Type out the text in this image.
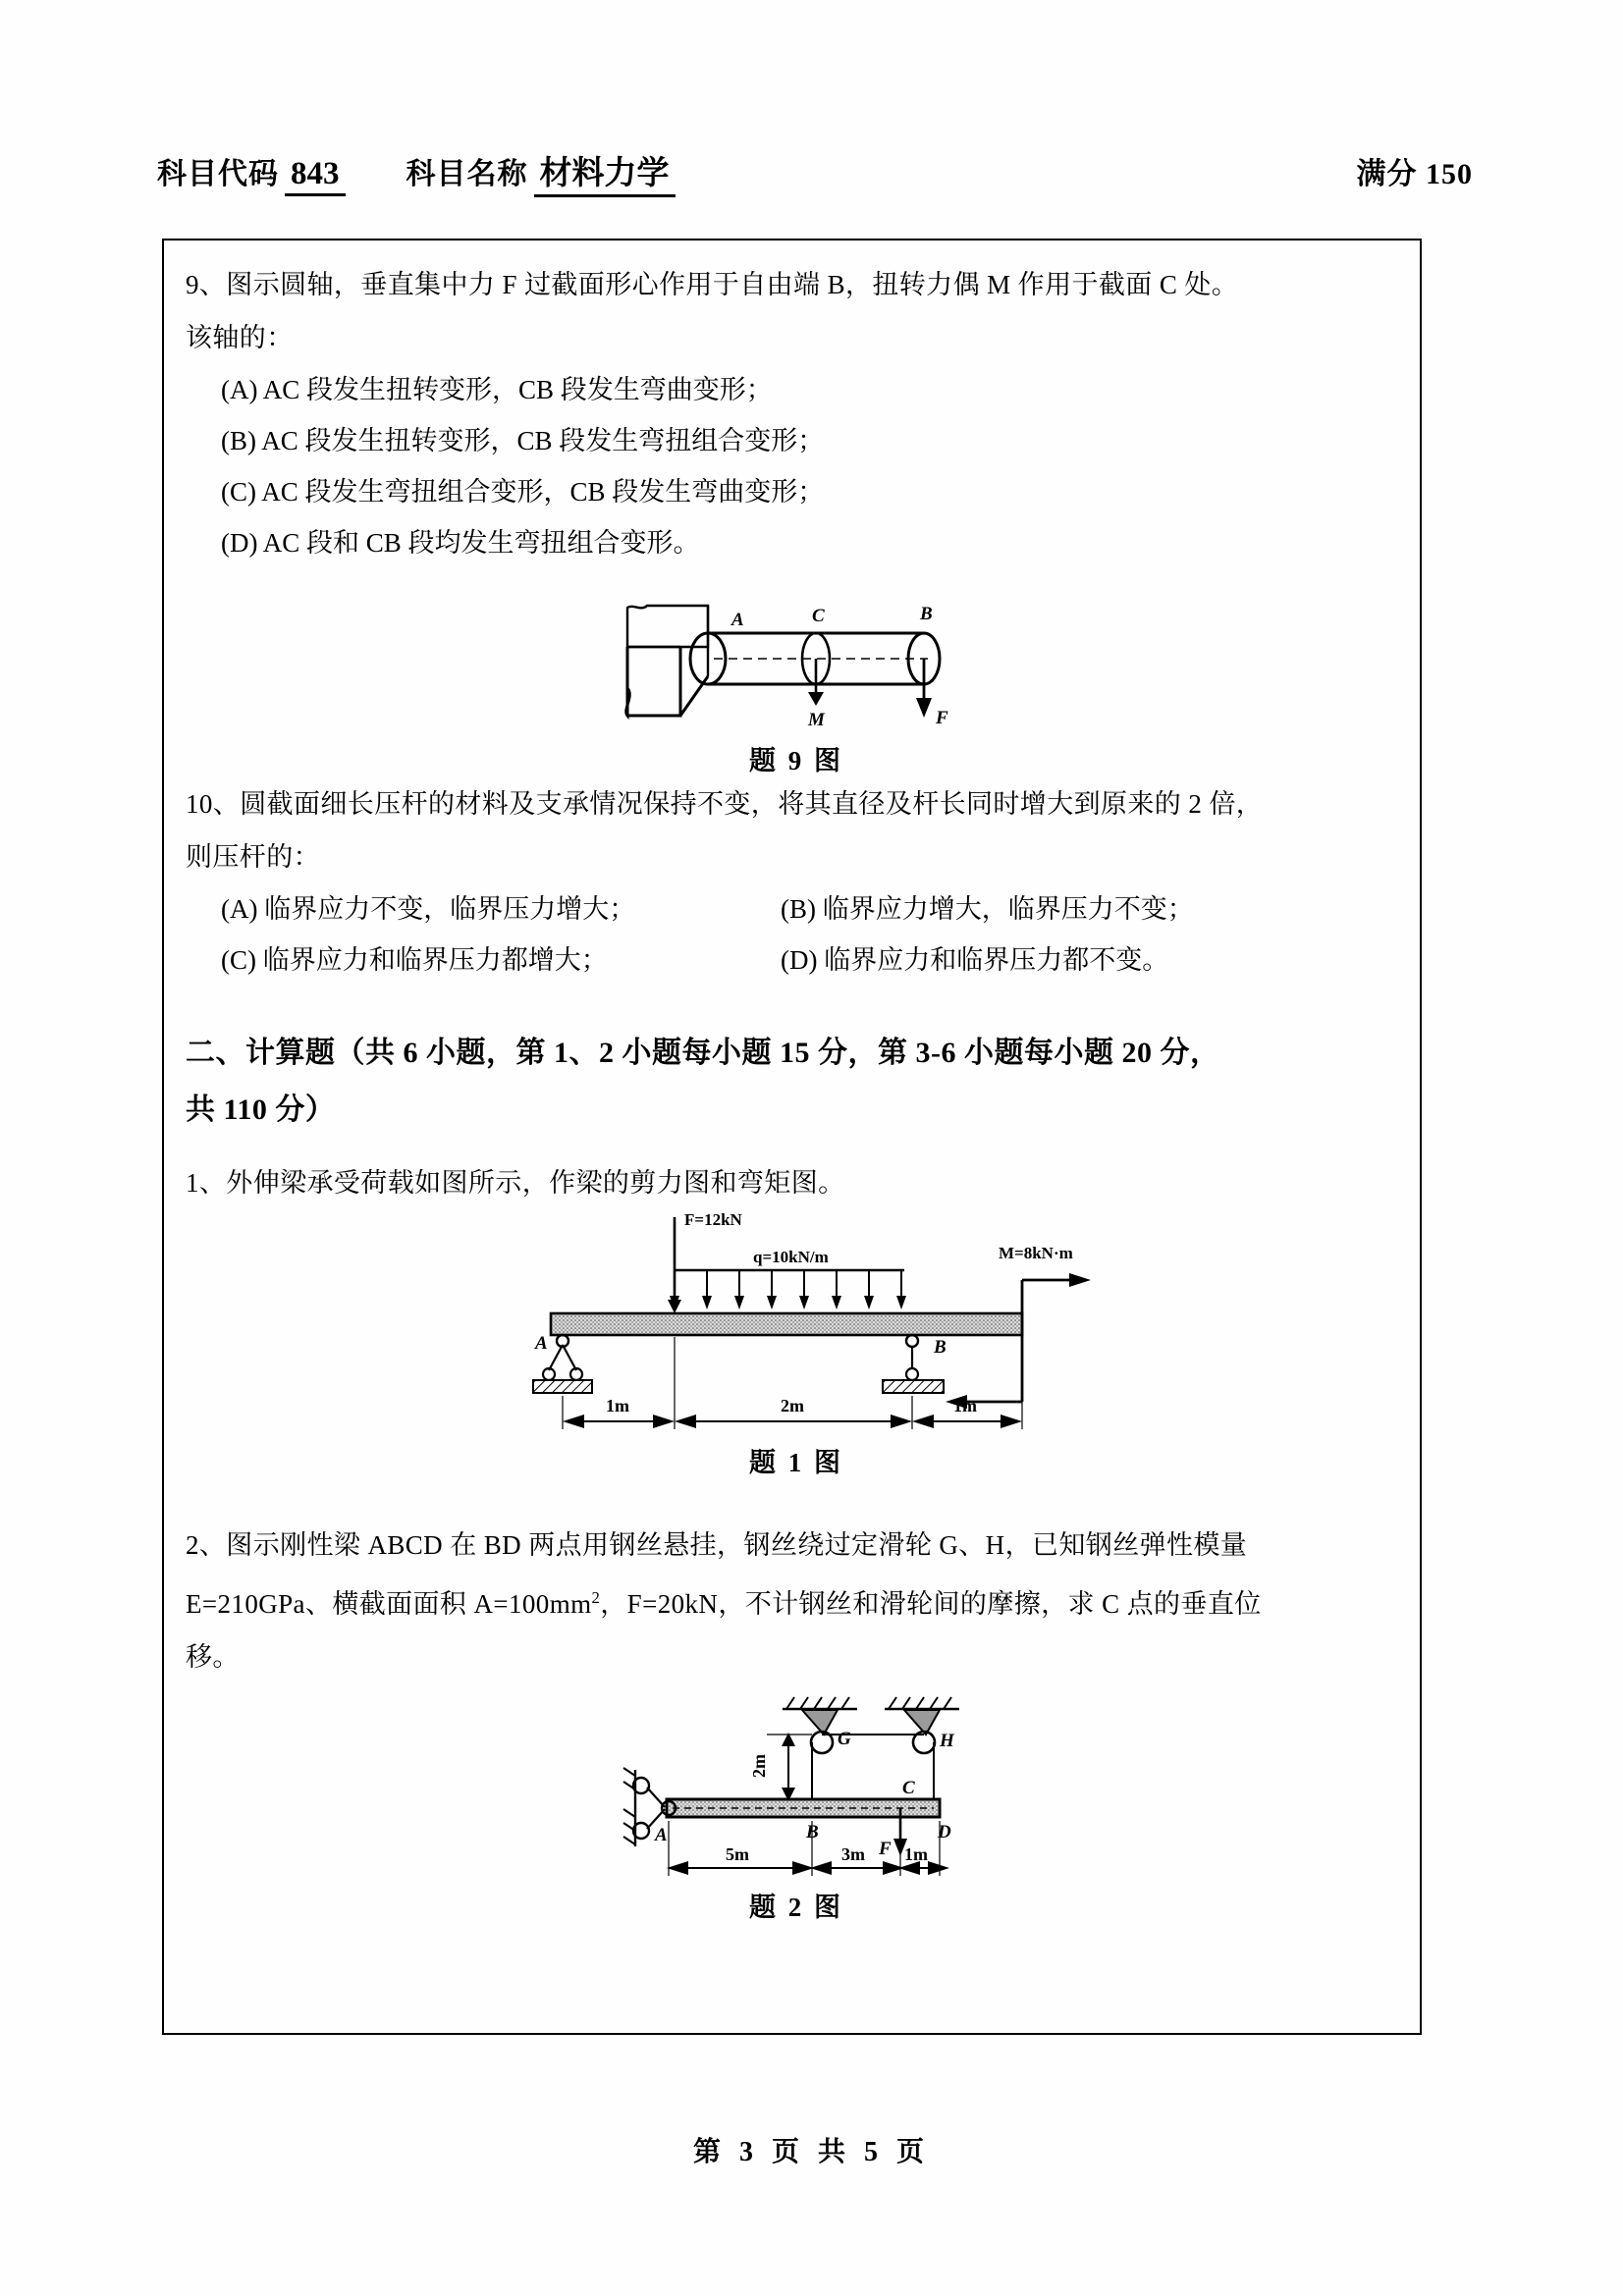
科目代码 843 科目名称 材料力学	满分 150
9、图示圆轴，垂直集中力 F 过截面形心作用于自由端 B，扭转力偶 M 作用于截面 C 处。
该轴的：
(A) AC 段发生扭转变形，CB 段发生弯曲变形；
(B) AC 段发生扭转变形，CB 段发生弯扭组合变形；
(C) AC 段发生弯扭组合变形，CB 段发生弯曲变形；
(D) AC 段和 CB 段均发生弯扭组合变形。
A	C	B
M	F
题 9 图
10、圆截面细长压杆的材料及支承情况保持不变，将其直径及杆长同时增大到原来的 2 倍，
则压杆的：
(A) 临界应力不变，临界压力增大；	(B) 临界应力增大，临界压力不变；
(C) 临界应力和临界压力都增大；	(D) 临界应力和临界压力都不变。
二、计算题（共 6 小题，第 1、2 小题每小题 15 分，第 3-6 小题每小题 20 分，
共 110 分）
1、外伸梁承受荷载如图所示，作梁的剪力图和弯矩图。
F=12kN
q=10kN/m	M=8kN·m
A	B
1m	2m	1m
题 1 图
2、图示刚性梁 ABCD 在 BD 两点用钢丝悬挂，钢丝绕过定滑轮 G、H，已知钢丝弹性模量
E=210GPa、横截面面积 $A=100mm^2$，F=20kN，不计钢丝和滑轮间的摩擦，求 C 点的垂直位
移。
G	H
A	B
C
D
F
2m
5m	3m 1m
题 2 图
第 3 页 共 5 页
